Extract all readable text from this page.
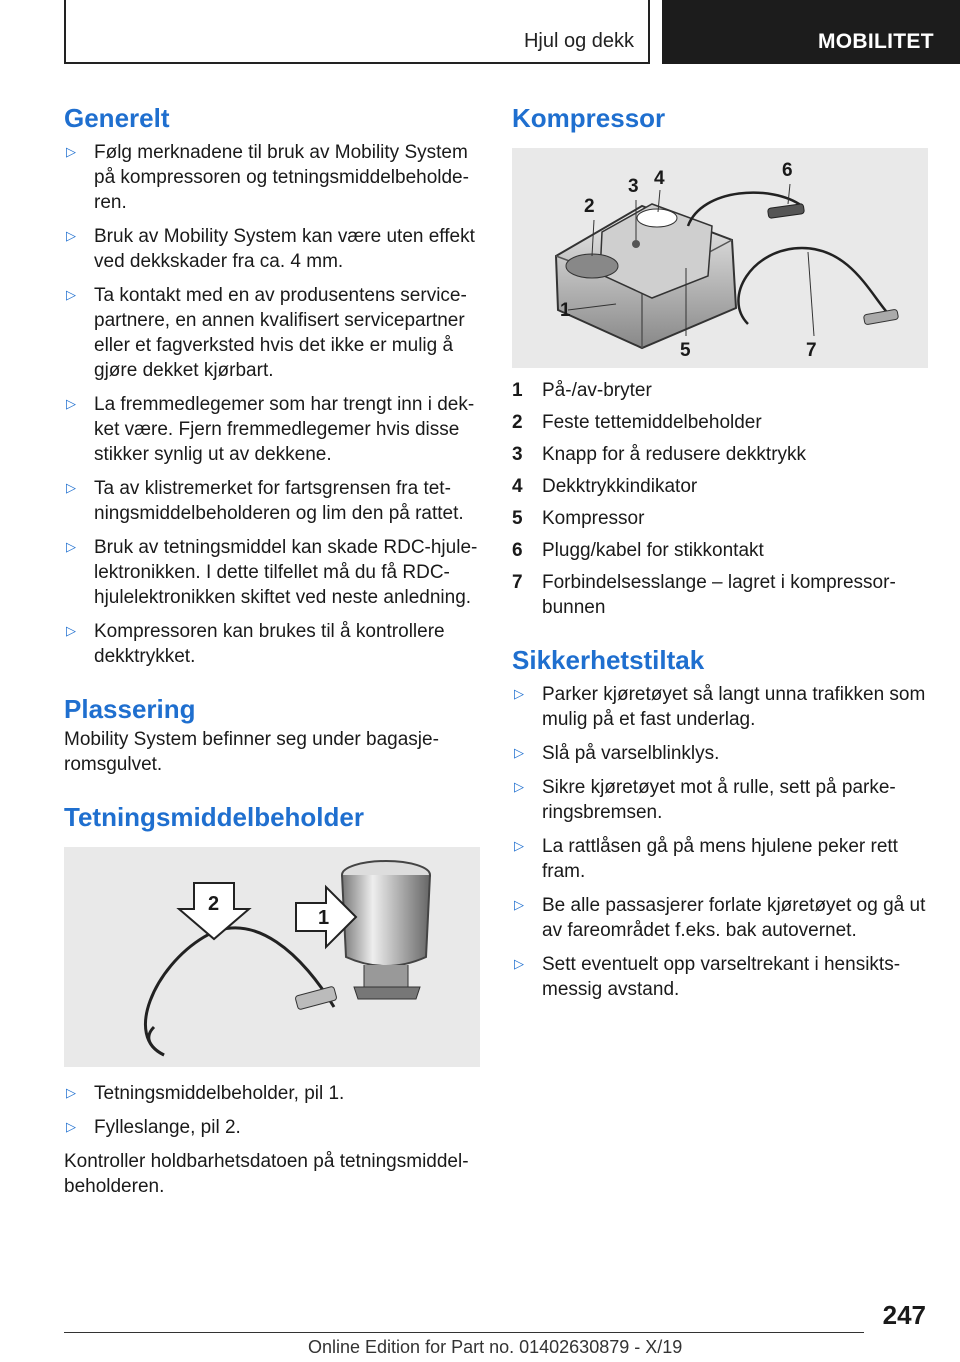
Hjul og dekk	MOBILITET
Generelt
▷ Følg merknadene til bruk av Mobility System på kompressoren og tetningsmiddelbeholderen.
▷ Bruk av Mobility System kan være uten effekt ved dekkskader fra ca. 4 mm.
▷ Ta kontakt med en av produsentens servicepartnere, en annen kvalifisert servicepartner eller et fagverksted hvis det ikke er mulig å gjøre dekket kjørbart.
▷ La fremmedlegemer som har trengt inn i dekket være. Fjern fremmedlegemer hvis disse stikker synlig ut av dekkene.
▷ Ta av klistremerket for fartsgrensen fra tetningsmiddelbeholderen og lim den på rattet.
▷ Bruk av tetningsmiddel kan skade RDC-hjulelektronikken. I dette tilfellet må du få RDC-hjulelektronikken skiftet ved neste anledning.
▷ Kompressoren kan brukes til å kontrollere dekktrykket.
Plassering

Mobility System befinner seg under bagasjeromsgulvet.

Tetningsmiddelbeholder
2
1
▷ Tetningsmiddelbeholder, pil 1.
▷ Fylleslange, pil 2.

Kontroller holdbarhetsdatoen på tetningsmiddelbeholderen.

Kompressor
1
2
3 4
5
6
7
1 På-/av-bryter
2 Feste tettemiddelbeholder
3 Knapp for å redusere dekktrykk
4 Dekktrykkindikator
5 Kompressor
6 Plugg/kabel for stikkontakt
7 Forbindelsesslange – lagret i kompressorbunnen
Sikkerhetstiltak
▷ Parker kjøretøyet så langt unna trafikken som mulig på et fast underlag.
▷ Slå på varselblinklys.
▷ Sikre kjøretøyet mot å rulle, sett på parkeringsbremsen.
▷ La rattlåsen gå på mens hjulene peker rett fram.
▷ Be alle passasjerer forlate kjøretøyet og gå ut av fareområdet f.eks. bak autovernet.
▷ Sett eventuelt opp varseltrekant i hensiktsmessig avstand.
247
Online Edition for Part no. 01402630879 - X/19
